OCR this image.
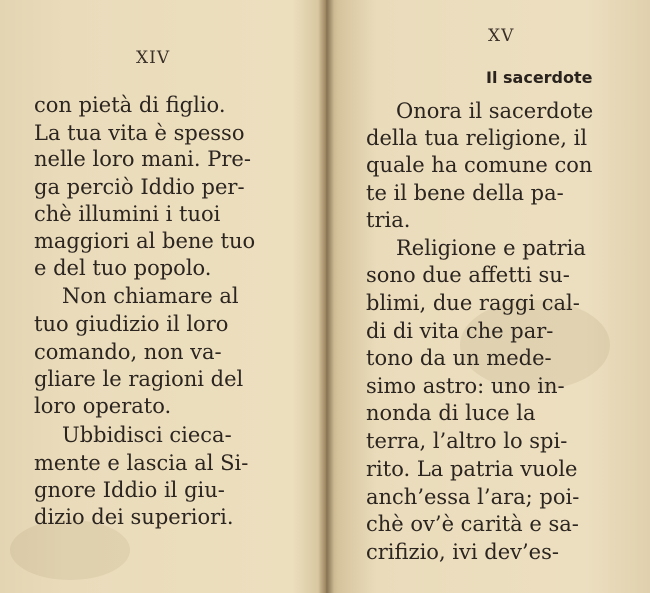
XIV
con pietà di figlio.
La tua vita è spesso
nelle loro mani. Pre-
ga perciò Iddio per-
chè illumini i tuoi
maggiori al bene tuo
e del tuo popolo.
Non chiamare al
tuo giudizio il loro
comando, non va-
gliare le ragioni del
loro operato.
Ubbidisci cieca-
mente e lascia al Si-
gnore Iddio il giu-
dizio dei superiori.
XV
Il sacerdote
Onora il sacerdote
della tua religione, il
quale ha comune con
te il bene della pa-
tria.
Religione e patria
sono due affetti su-
blimi, due raggi cal-
di di vita che par-
tono da un mede-
simo astro: uno in-
nonda di luce la
terra, l’altro lo spi-
rito. La patria vuole
anch’essa l’ara; poi-
chè ov’è carità e sa-
crifizio, ivi dev’es-
